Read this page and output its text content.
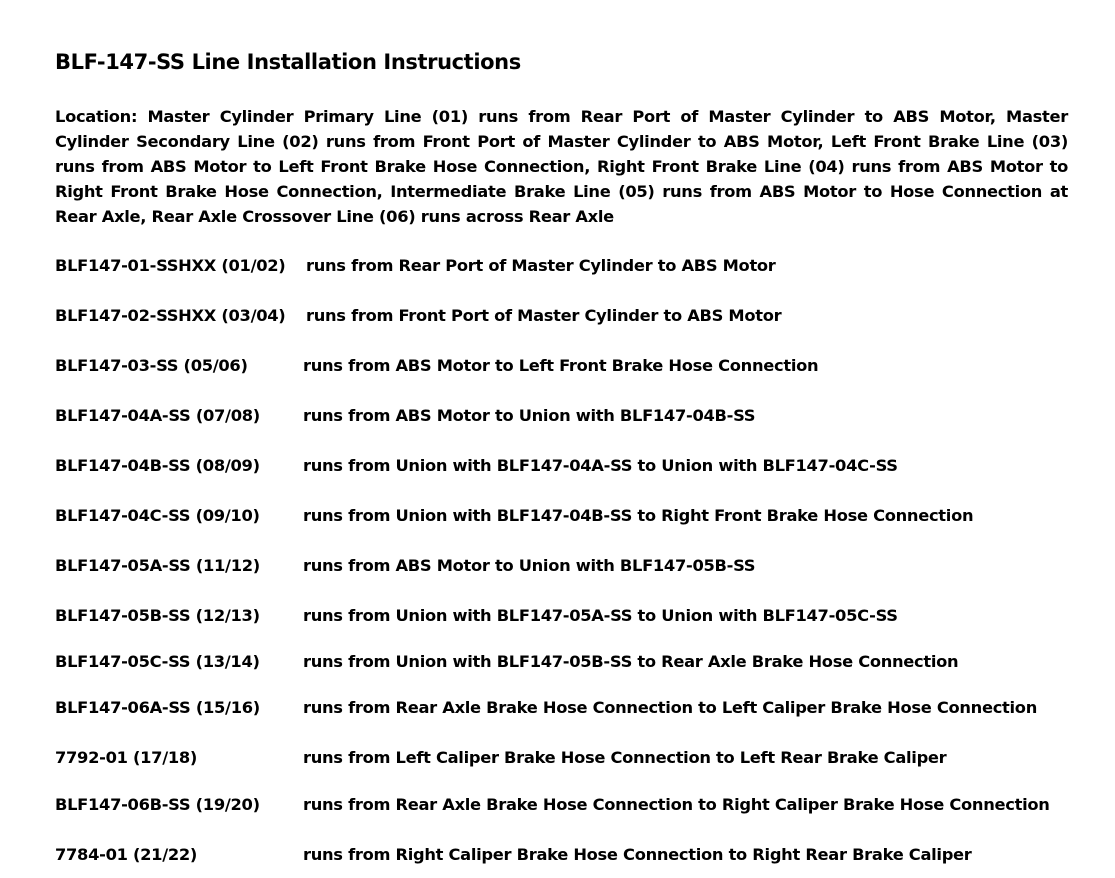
BLF-147-SS Line Installation Instructions

Location: Master Cylinder Primary Line (01) runs from Rear Port of Master Cylinder to ABS Motor, Master Cylinder Secondary Line (02) runs from Front Port of Master Cylinder to ABS Motor, Left Front Brake Line (03) runs from ABS Motor to Left Front Brake Hose Connection, Right Front Brake Line (04) runs from ABS Motor to Right Front Brake Hose Connection, Intermediate Brake Line (05) runs from ABS Motor to Hose Connection at Rear Axle, Rear Axle Crossover Line (06) runs across Rear Axle

BLF147-01-SSHXX (01/02) runs from Rear Port of Master Cylinder to ABS Motor
BLF147-02-SSHXX (03/04) runs from Front Port of Master Cylinder to ABS Motor
BLF147-03-SS (05/06)	runs from ABS Motor to Left Front Brake Hose Connection
BLF147-04A-SS (07/08)	runs from ABS Motor to Union with BLF147-04B-SS
BLF147-04B-SS (08/09)	runs from Union with BLF147-04A-SS to Union with BLF147-04C-SS
BLF147-04C-SS (09/10)	runs from Union with BLF147-04B-SS to Right Front Brake Hose Connection
BLF147-05A-SS (11/12)	runs from ABS Motor to Union with BLF147-05B-SS
BLF147-05B-SS (12/13)	runs from Union with BLF147-05A-SS to Union with BLF147-05C-SS
BLF147-05C-SS (13/14)	runs from Union with BLF147-05B-SS to Rear Axle Brake Hose Connection
BLF147-06A-SS (15/16)	runs from Rear Axle Brake Hose Connection to Left Caliper Brake Hose Connection
7792-01 (17/18)	runs from Left Caliper Brake Hose Connection to Left Rear Brake Caliper
BLF147-06B-SS (19/20)	runs from Rear Axle Brake Hose Connection to Right Caliper Brake Hose Connection
7784-01 (21/22)	runs from Right Caliper Brake Hose Connection to Right Rear Brake Caliper
